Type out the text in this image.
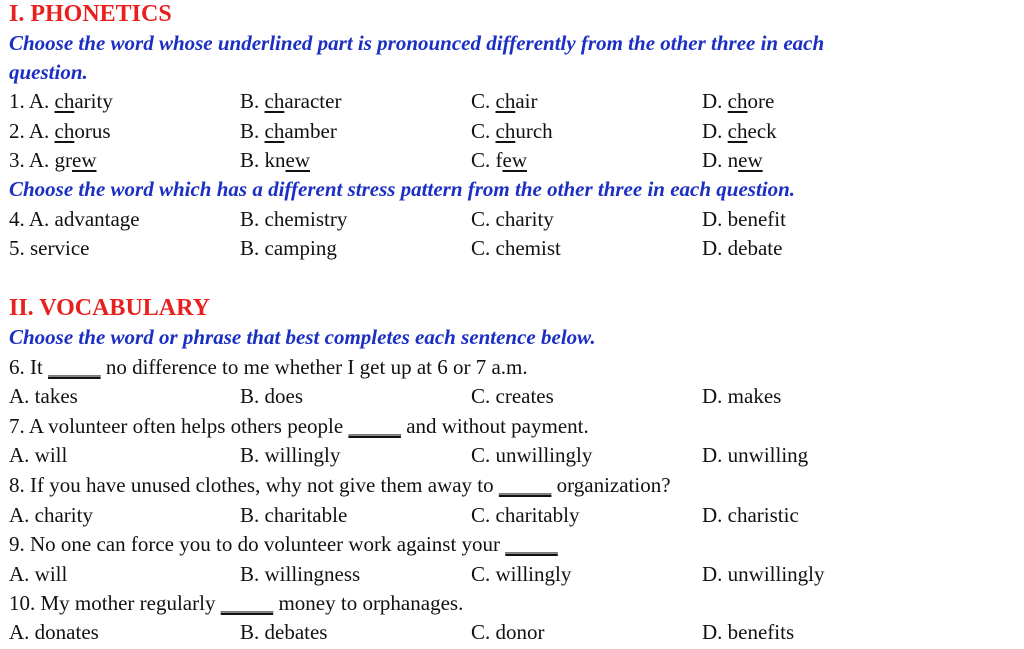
I. PHONETICS
Choose the word whose underlined part is pronounced differently from the other three in each
question.
1. A. charity	B. character	C. chair	D. chore
2. A. chorus	B. chamber	C. church	D. check
3. A. grew	B. knew	C. few	D. new
Choose the word which has a different stress pattern from the other three in each question.
4. A. advantage	B. chemistry	C. charity	D. benefit
5. service	B. camping	C. chemist	D. debate
II. VOCABULARY
Choose the word or phrase that best completes each sentence below.
6. It _____ no difference to me whether I get up at 6 or 7 a.m.
A. takes	B. does	C. creates	D. makes
7. A volunteer often helps others people _____ and without payment.
A. will	B. willingly	C. unwillingly	D. unwilling
8. If you have unused clothes, why not give them away to _____ organization?
A. charity	B. charitable	C. charitably	D. charistic
9. No one can force you to do volunteer work against your _____
A. will	B. willingness	C. willingly	D. unwillingly
10. My mother regularly _____ money to orphanages.
A. donates	B. debates	C. donor	D. benefits
